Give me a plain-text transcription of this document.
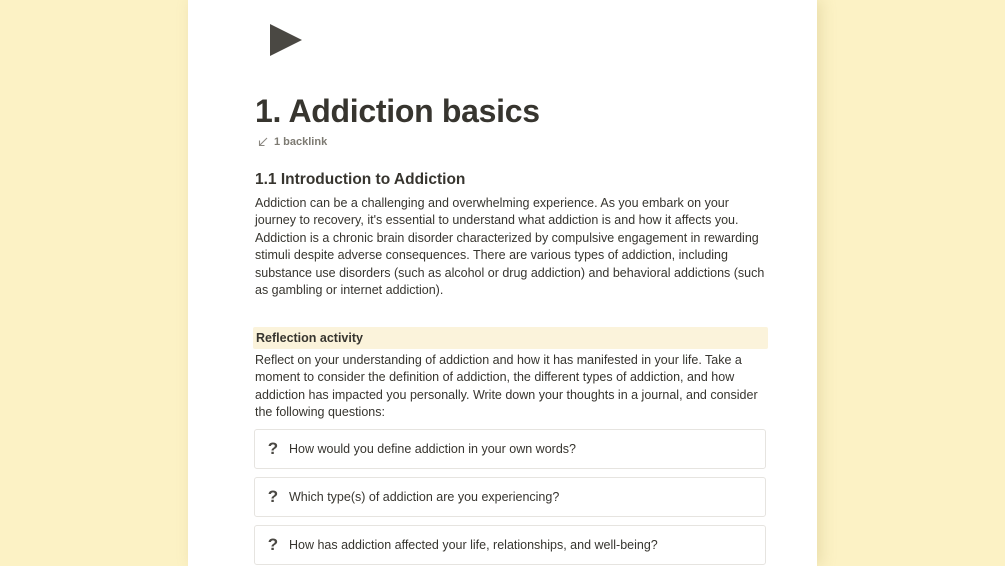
1. Addiction basics
1 backlink
1.1 Introduction to Addiction

Addiction can be a challenging and overwhelming experience. As you embark on your journey to recovery, it's essential to understand what addiction is and how it affects you. Addiction is a chronic brain disorder characterized by compulsive engagement in rewarding stimuli despite adverse consequences. There are various types of addiction, including substance use disorders (such as alcohol or drug addiction) and behavioral addictions (such as gambling or internet addiction).

Reflection activity

Reflect on your understanding of addiction and how it has manifested in your life. Take a moment to consider the definition of addiction, the different types of addiction, and how addiction has impacted you personally. Write down your thoughts in a journal, and consider the following questions:

? How would you define addiction in your own words?
? Which type(s) of addiction are you experiencing?
? How has addiction affected your life, relationships, and well-being?
